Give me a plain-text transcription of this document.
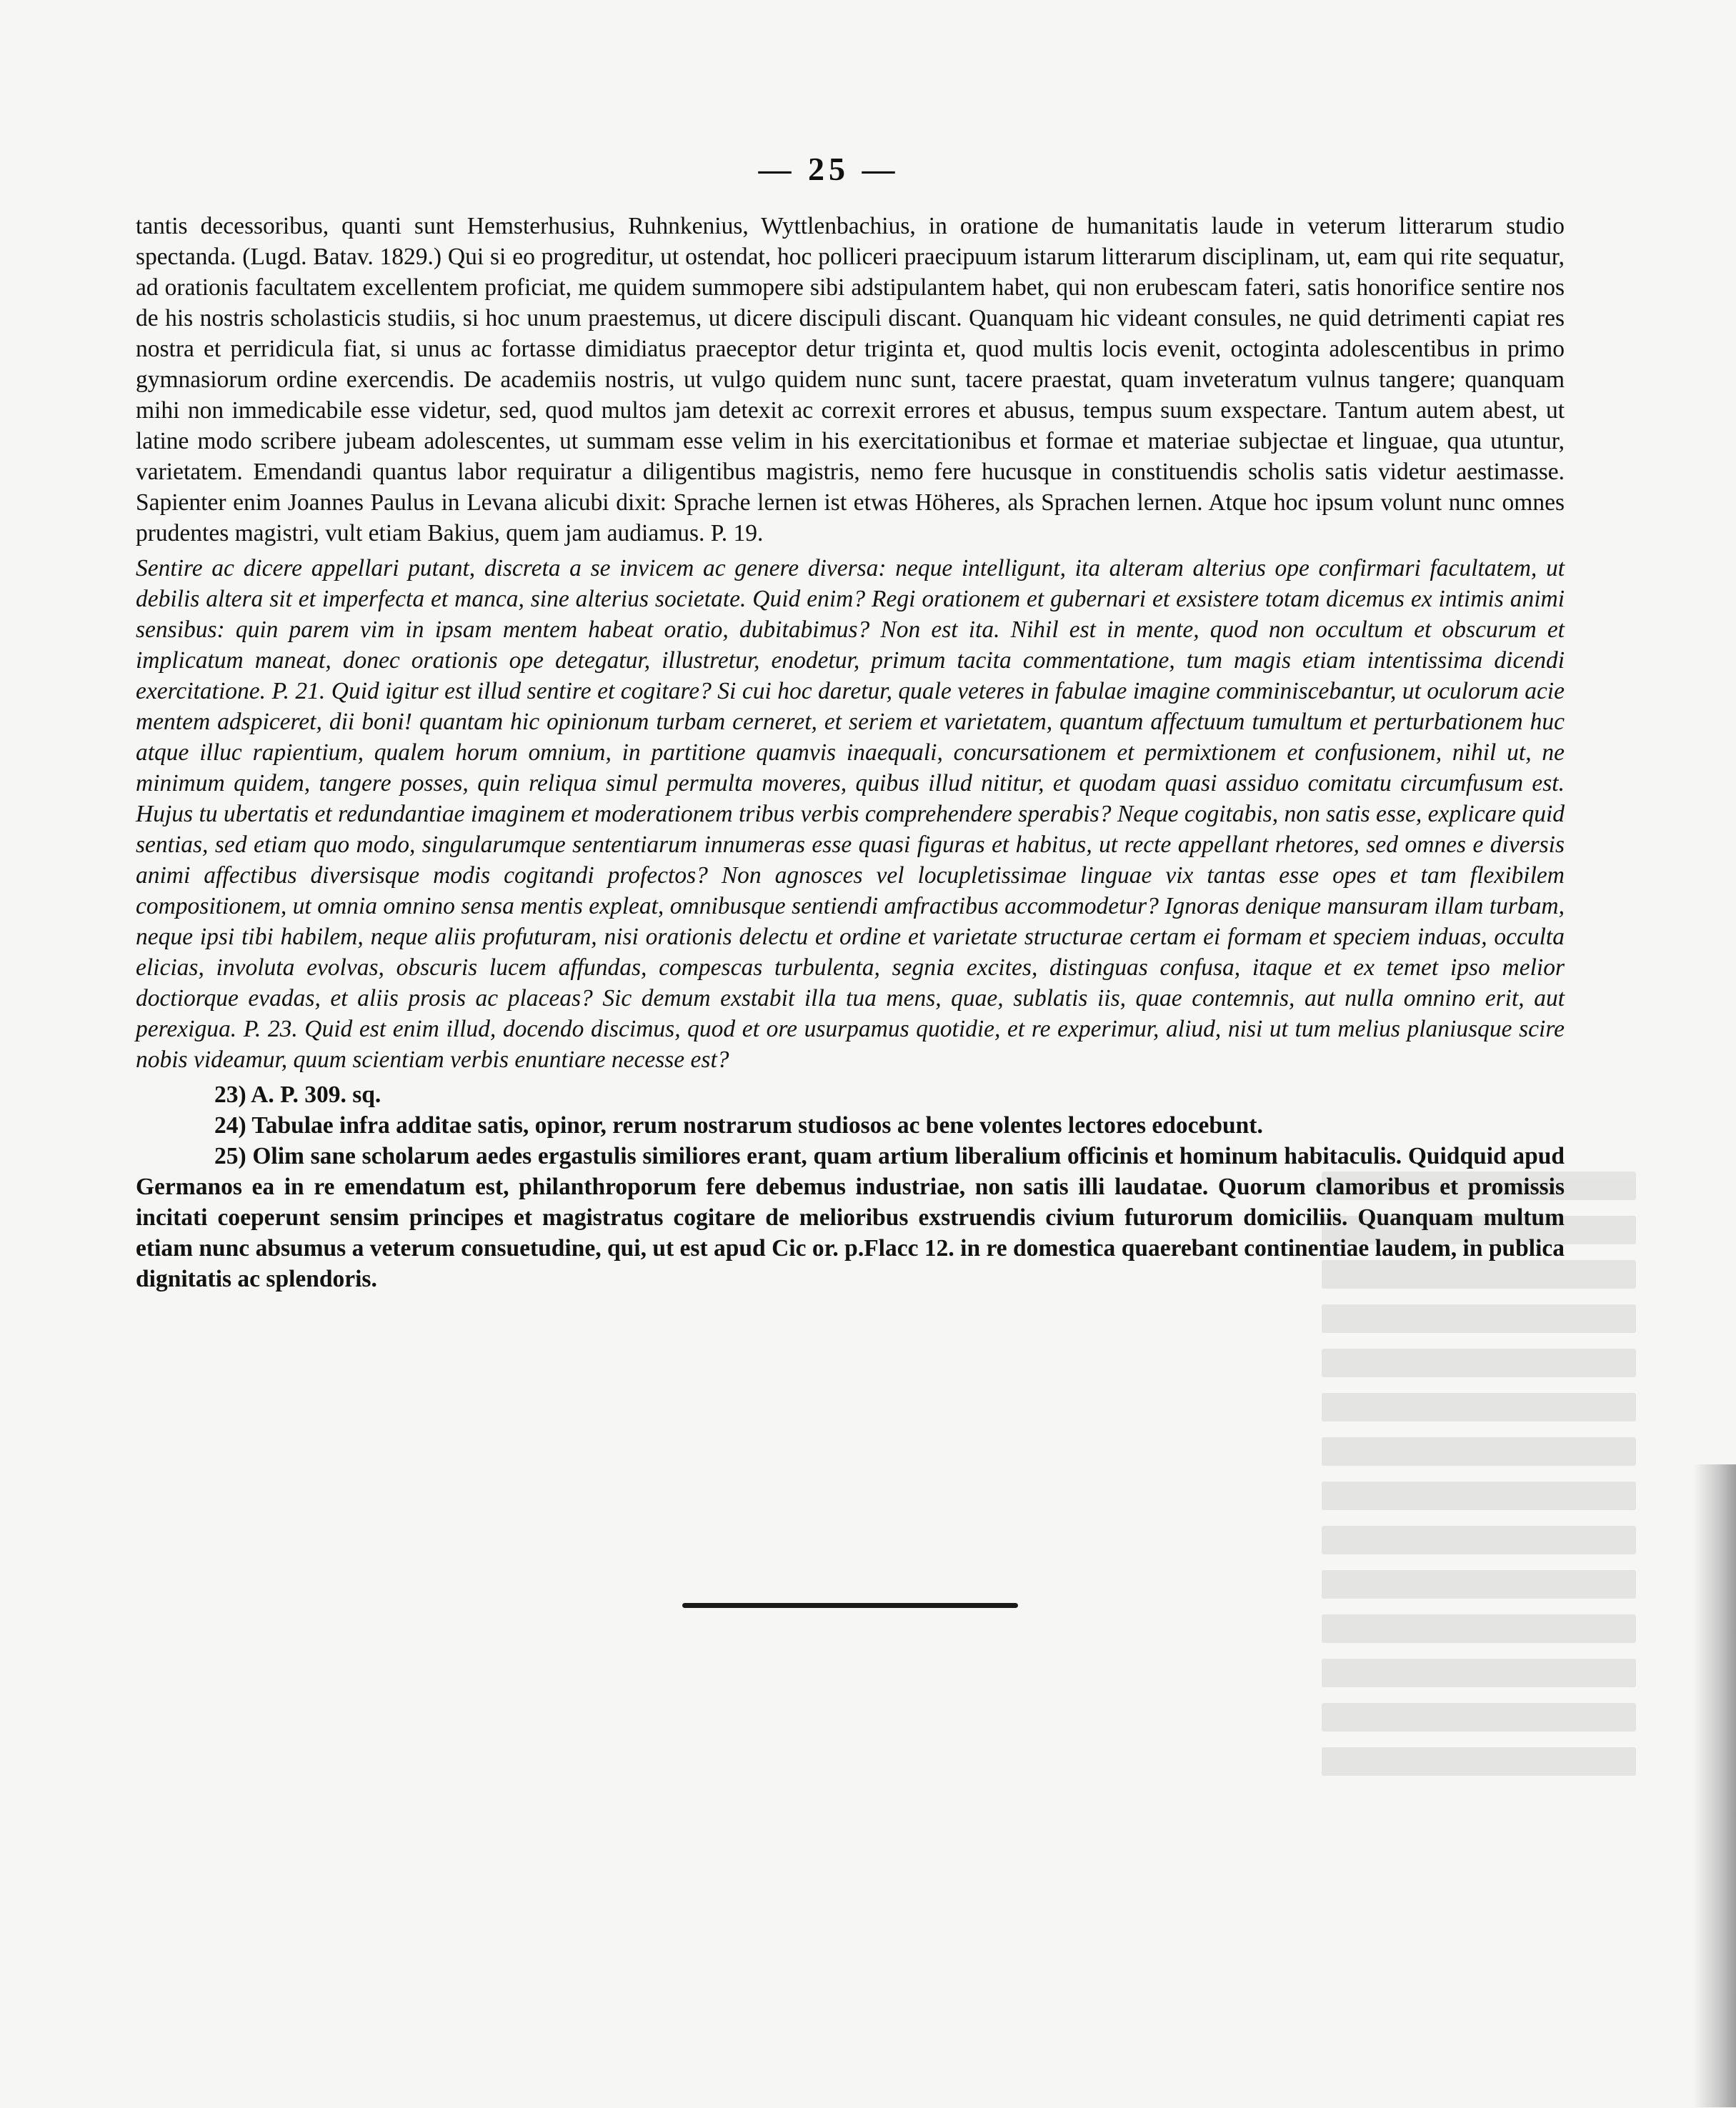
— 25 —

tantis decessoribus, quanti sunt Hemsterhusius, Ruhnkenius, Wyttlenbachius, in oratione de humanitatis laude in veterum litterarum studio spectanda. (Lugd. Batav. 1829.) Qui si eo progreditur, ut ostendat, hoc polliceri praecipuum istarum litterarum disciplinam, ut, eam qui rite sequatur, ad orationis facultatem excellentem proficiat, me quidem summopere sibi adstipulantem habet, qui non erubescam fateri, satis honorifice sentire nos de his nostris scholasticis studiis, si hoc unum praestemus, ut dicere discipuli discant. Quanquam hic videant consules, ne quid detrimenti capiat res nostra et perridicula fiat, si unus ac fortasse dimidiatus praeceptor detur triginta et, quod multis locis evenit, octoginta adolescentibus in primo gymnasiorum ordine exercendis. De academiis nostris, ut vulgo quidem nunc sunt, tacere praestat, quam inveteratum vulnus tangere; quanquam mihi non immedicabile esse videtur, sed, quod multos jam detexit ac correxit errores et abusus, tempus suum exspectare. Tantum autem abest, ut latine modo scribere jubeam adolescentes, ut summam esse velim in his exercitationibus et formae et materiae subjectae et linguae, qua utuntur, varietatem. Emendandi quantus labor requiratur a diligentibus magistris, nemo fere hucusque in constituendis scholis satis videtur aestimasse. Sapienter enim Joannes Paulus in Levana alicubi dixit: Sprache lernen ist etwas Höheres, als Sprachen lernen. Atque hoc ipsum volunt nunc omnes prudentes magistri, vult etiam Bakius, quem jam audiamus. P. 19.

Sentire ac dicere appellari putant, discreta a se invicem ac genere diversa: neque intelligunt, ita alteram alterius ope confirmari facultatem, ut debilis altera sit et imperfecta et manca, sine alterius societate. Quid enim? Regi orationem et gubernari et exsistere totam dicemus ex intimis animi sensibus: quin parem vim in ipsam mentem habeat oratio, dubitabimus? Non est ita. Nihil est in mente, quod non occultum et obscurum et implicatum maneat, donec orationis ope detegatur, illustretur, enodetur, primum tacita commentatione, tum magis etiam intentissima dicendi exercitatione. P. 21. Quid igitur est illud sentire et cogitare? Si cui hoc daretur, quale veteres in fabulae imagine comminiscebantur, ut oculorum acie mentem adspiceret, dii boni! quantam hic opinionum turbam cerneret, et seriem et varietatem, quantum affectuum tumultum et perturbationem huc atque illuc rapientium, qualem horum omnium, in partitione quamvis inaequali, concursationem et permixtionem et confusionem, nihil ut, ne minimum quidem, tangere posses, quin reliqua simul permulta moveres, quibus illud nititur, et quodam quasi assiduo comitatu circumfusum est. Hujus tu ubertatis et redundantiae imaginem et moderationem tribus verbis comprehendere sperabis? Neque cogitabis, non satis esse, explicare quid sentias, sed etiam quo modo, singularumque sententiarum innumeras esse quasi figuras et habitus, ut recte appellant rhetores, sed omnes e diversis animi affectibus diversisque modis cogitandi profectos? Non agnosces vel locupletissimae linguae vix tantas esse opes et tam flexibilem compositionem, ut omnia omnino sensa mentis expleat, omnibusque sentiendi amfractibus accommodetur? Ignoras denique mansuram illam turbam, neque ipsi tibi habilem, neque aliis profuturam, nisi orationis delectu et ordine et varietate structurae certam ei formam et speciem induas, occulta elicias, involuta evolvas, obscuris lucem affundas, compescas turbulenta, segnia excites, distinguas confusa, itaque et ex temet ipso melior doctiorque evadas, et aliis prosis ac placeas? Sic demum exstabit illa tua mens, quae, sublatis iis, quae contemnis, aut nulla omnino erit, aut perexigua. P. 23. Quid est enim illud, docendo discimus, quod et ore usurpamus quotidie, et re experimur, aliud, nisi ut tum melius planiusque scire nobis videamur, quum scientiam verbis enuntiare necesse est?

23) A. P. 309. sq.

24) Tabulae infra additae satis, opinor, rerum nostrarum studiosos ac bene volentes lectores edocebunt.

25) Olim sane scholarum aedes ergastulis similiores erant, quam artium liberalium officinis et hominum habitaculis. Quidquid apud Germanos ea in re emendatum est, philanthroporum fere debemus industriae, non satis illi laudatae. Quorum clamoribus et promissis incitati coeperunt sensim principes et magistratus cogitare de melioribus exstruendis civium futurorum domiciliis. Quanquam multum etiam nunc absumus a veterum consuetudine, qui, ut est apud Cic or. p.Flacc 12. in re domestica quaerebant continentiae laudem, in publica dignitatis ac splendoris.
